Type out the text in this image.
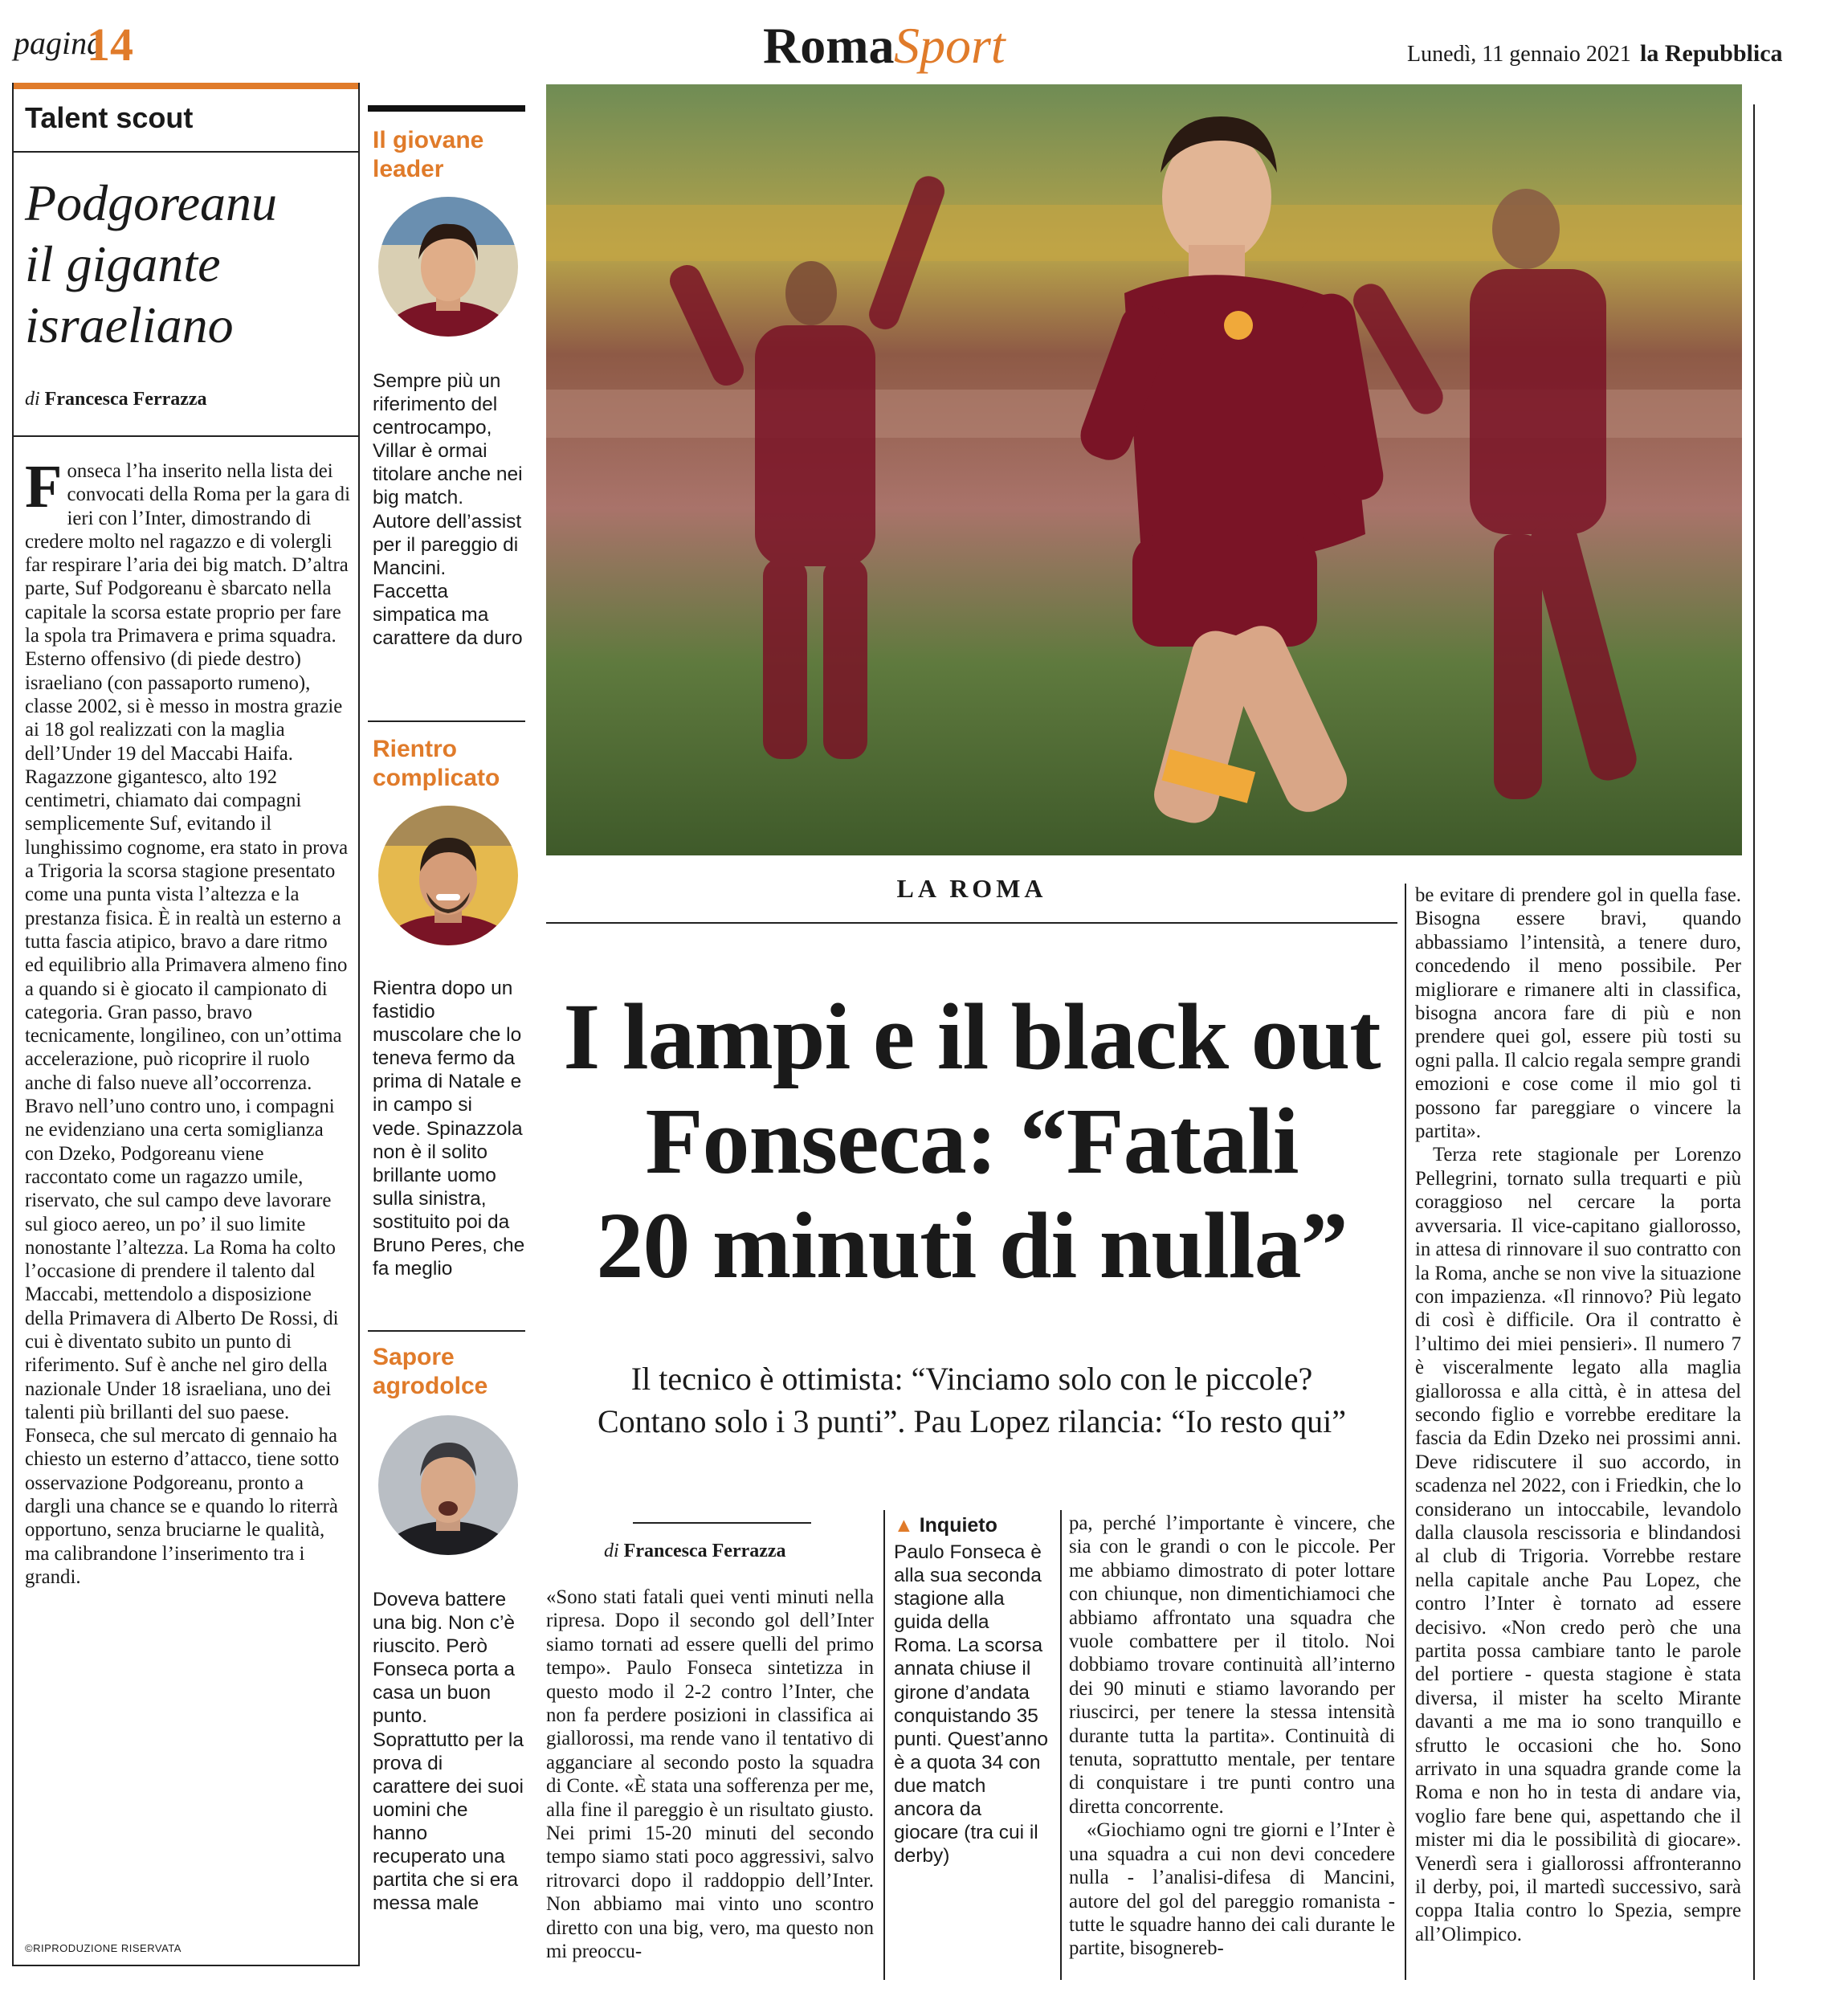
pagina
14	Roma Sport	Lunedì, 11 gennaio 2021 la Repubblica
Talent scout
Podgoreanu
il gigante
israeliano
di Francesca Ferrazza
F onseca l’ha inserito nella lista dei convocati della Roma per la gara di ieri con l’Inter, dimostrando di credere molto nel ragazzo e di volergli far respirare l’aria dei big match. D’altra parte, Suf Podgoreanu è sbarcato nella capitale la scorsa estate proprio per fare la spola tra Primavera e prima squadra. Esterno offensivo (di piede destro) israeliano (con passaporto rumeno), classe 2002, si è messo in mostra grazie ai 18 gol realizzati con la maglia dell’Under 19 del Maccabi Haifa. Ragazzone gigantesco, alto 192 centimetri, chiamato dai compagni semplicemente Suf, evitando il lunghissimo cognome, era stato in prova a Trigoria la scorsa stagione presentato come una punta vista l’altezza e la prestanza fisica. È in realtà un esterno a tutta fascia atipico, bravo a dare ritmo ed equilibrio alla Primavera almeno fino a quando si è giocato il campionato di categoria. Gran passo, bravo tecnicamente, longilineo, con un’ottima accelerazione, può ricoprire il ruolo anche di falso nueve all’occorrenza. Bravo nell’uno contro uno, i compagni ne evidenziano una certa somiglianza con Dzeko, Podgoreanu viene raccontato come un ragazzo umile, riservato, che sul campo deve lavorare sul gioco aereo, un po’ il suo limite nonostante l’altezza. La Roma ha colto l’occasione di prendere il talento dal Maccabi, mettendolo a disposizione della Primavera di Alberto De Rossi, di cui è diventato subito un punto di riferimento. Suf è anche nel giro della nazionale Under 18 israeliana, uno dei talenti più brillanti del suo paese. Fonseca, che sul mercato di gennaio ha chiesto un esterno d’attacco, tiene sotto osservazione Podgoreanu, pronto a dargli una chance se e quando lo riterrà opportuno, senza bruciarne le qualità, ma calibrandone l’inserimento tra i grandi.
©RIPRODUZIONE RISERVATA
Il giovane leader
Sempre più un riferimento del centrocampo, Villar è ormai titolare anche nei big match. Autore dell’assist per il pareggio di Mancini. Faccetta simpatica ma carattere da duro
Rientro complicato
Rientra dopo un fastidio muscolare che lo teneva fermo da prima di Natale e in campo si vede. Spinazzola non è il solito brillante uomo sulla sinistra, sostituito poi da Bruno Peres, che fa meglio
Sapore agrodolce
Doveva battere una big. Non c’è riuscito. Però Fonseca porta a casa un buon punto. Soprattutto per la prova di carattere dei suoi uomini che hanno recuperato una partita che si era messa male
LA ROMA
I lampi e il black out
Fonseca: “Fatali
20 minuti di nulla”
Il tecnico è ottimista: “Vinciamo solo con le piccole?
Contano solo i 3 punti”. Pau Lopez rilancia: “Io resto qui”
di Francesca Ferrazza
«Sono stati fatali quei venti minuti nella ripresa. Dopo il secondo gol dell’Inter siamo tornati ad essere quelli del primo tempo». Paulo Fonseca sintetizza in questo modo il 2-2 contro l’Inter, che non fa perdere posizioni in classifica ai giallorossi, ma rende vano il tentativo di agganciare al secondo posto la squadra di Conte. «È stata una sofferenza per me, alla fine il pareggio è un risultato giusto. Nei primi 15-20 minuti del secondo tempo siamo stati poco aggressivi, salvo ritrovarci dopo il raddoppio dell’Inter. Non abbiamo mai vinto uno scontro diretto con una big, vero, ma questo non mi preoccu-
▲ Inquieto
Paulo Fonseca è alla sua seconda stagione alla guida della Roma. La scorsa annata chiuse il girone d’andata conquistando 35 punti. Quest’anno è a quota 34 con due match ancora da giocare (tra cui il derby)
pa, perché l’importante è vincere, che sia con le grandi o con le piccole. Per me abbiamo dimostrato di poter lottare con chiunque, non dimentichiamoci che abbiamo affrontato una squadra che vuole combattere per il titolo. Noi dobbiamo trovare continuità all’interno dei 90 minuti e stiamo lavorando per riuscirci, per tenere la stessa intensità durante tutta la partita». Continuità di tenuta, soprattutto mentale, per tentare di conquistare i tre punti contro una diretta concorrente.
«Giochiamo ogni tre giorni e l’Inter è una squadra a cui non devi concedere nulla - l’analisi-difesa di Mancini, autore del gol del pareggio romanista - tutte le squadre hanno dei cali durante le partite, bisognereb-
be evitare di prendere gol in quella fase. Bisogna essere bravi, quando abbassiamo l’intensità, a tenere duro, concedendo il meno possibile. Per migliorare e rimanere alti in classifica, bisogna ancora fare di più e non prendere quei gol, essere più tosti su ogni palla. Il calcio regala sempre grandi emozioni e cose come il mio gol ti possono far pareggiare o vincere la partita».
Terza rete stagionale per Lorenzo Pellegrini, tornato sulla trequarti e più coraggioso nel cercare la porta avversaria. Il vice-capitano giallorosso, in attesa di rinnovare il suo contratto con la Roma, anche se non vive la situazione con impazienza. «Il rinnovo? Più legato di così è difficile. Ora il contratto è l’ultimo dei miei pensieri». Il numero 7 è visceralmente legato alla maglia giallorossa e alla città, è in attesa del secondo figlio e vorrebbe ereditare la fascia da Edin Dzeko nei prossimi anni. Deve ridiscutere il suo accordo, in scadenza nel 2022, con i Friedkin, che lo considerano un intoccabile, levandolo dalla clausola rescissoria e blindandosi al club di Trigoria. Vorrebbe restare nella capitale anche Pau Lopez, che contro l’Inter è tornato ad essere decisivo. «Non credo però che una partita possa cambiare tanto le parole del portiere - questa stagione è stata diversa, il mister ha scelto Mirante davanti a me ma io sono tranquillo e sfrutto le occasioni che ho. Sono arrivato in una squadra grande come la Roma e non ho in testa di andare via, voglio fare bene qui, aspettando che il mister mi dia le possibilità di giocare». Venerdì sera i giallorossi affronteranno il derby, poi, il martedì successivo, sarà coppa Italia contro lo Spezia, sempre all’Olimpico.
